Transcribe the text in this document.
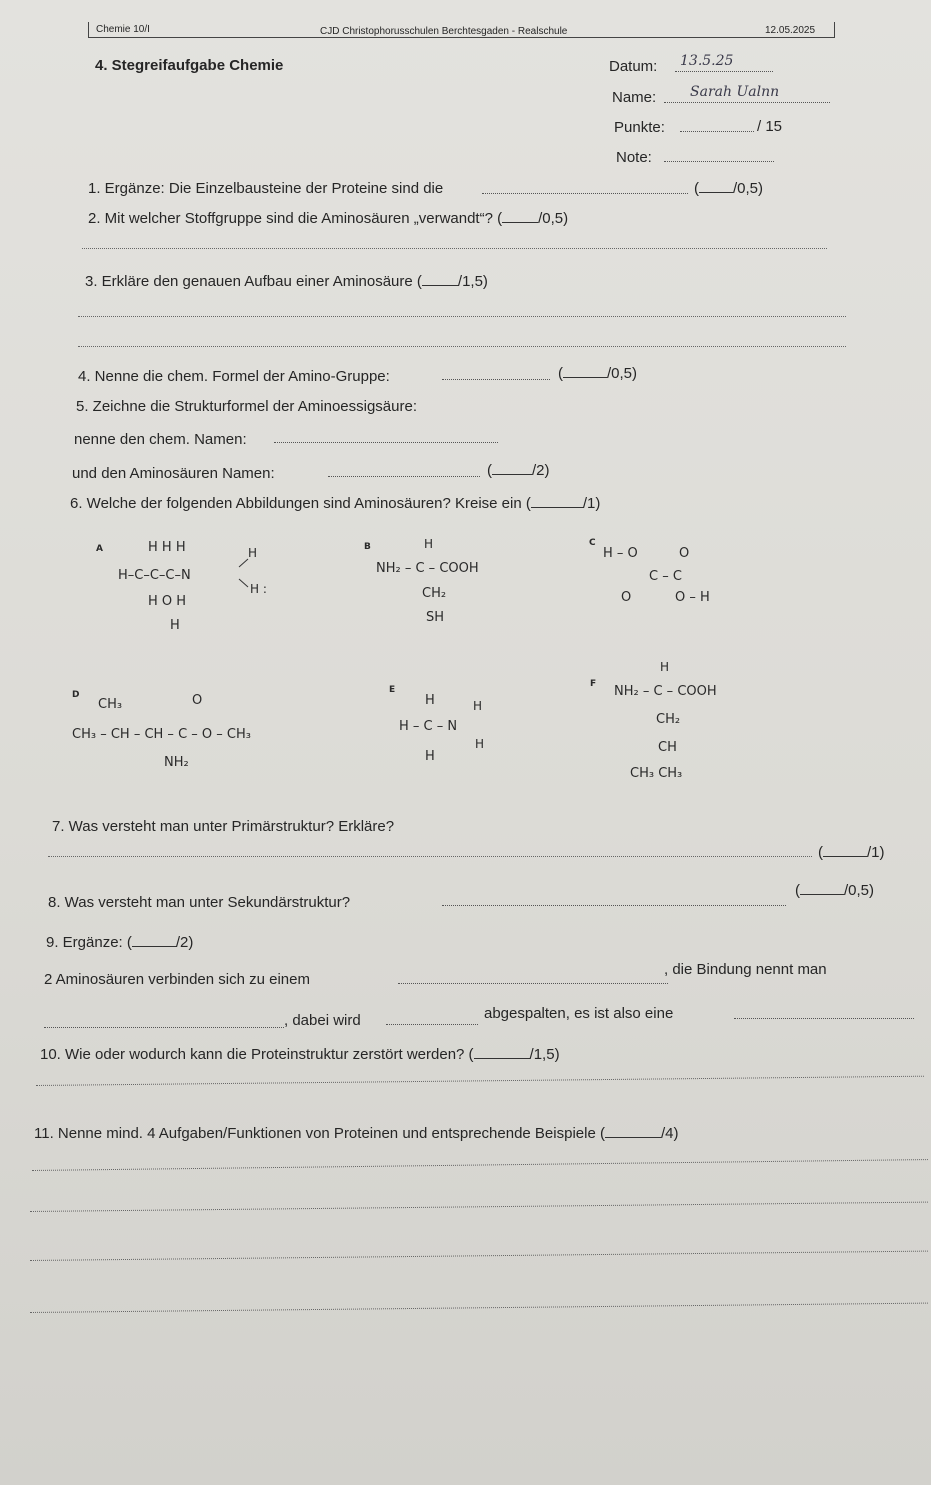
Chemie 10/I	CJD Christophorusschulen Berchtesgaden - Realschule	12.05.2025
4. Stegreifaufgabe Chemie	Datum: 13.5.25
Name: Sarah Ualnn
Punkte:	/ 15
Note:
1. Ergänze: Die Einzelbausteine der Proteine sind die	( /0,5)
2. Mit welcher Stoffgruppe sind die Aminosäuren „verwandt“? ( /0,5)
3. Erkläre den genauen Aufbau einer Aminosäure ( /1,5)
4. Nenne die chem. Formel der Amino-Gruppe:	(	/0,5)
5. Zeichne die Strukturformel der Aminoessigsäure:
nenne den chem. Namen:
und den Aminosäuren Namen:	(	/2)
6. Welche der folgenden Abbildungen sind Aminosäuren? Kreise ein (	/1)
A	H H H
H–C–C–C–N
H O H
H
H
H :
B	H
NH₂ – C – COOH
CH₂
SH
C
H – O	O
C – C
O	O – H
D
CH₃	O
CH₃ – CH – CH – C – O – CH₃
NH₂
E
H	H
H – C – N
H
H
F
H
NH₂ – C – COOH
CH₂
CH
CH₃ CH₃
7. Was versteht man unter Primärstruktur? Erkläre?
(	/1)
8. Was versteht man unter Sekundärstruktur?
(	/0,5)
9. Ergänze: (	/2)
2 Aminosäuren verbinden sich zu einem
, die Bindung nennt man
, dabei wird	abgespalten, es ist also eine
10. Wie oder wodurch kann die Proteinstruktur zerstört werden? (	/1,5)
11. Nenne mind. 4 Aufgaben/Funktionen von Proteinen und entsprechende Beispiele (	/4)
